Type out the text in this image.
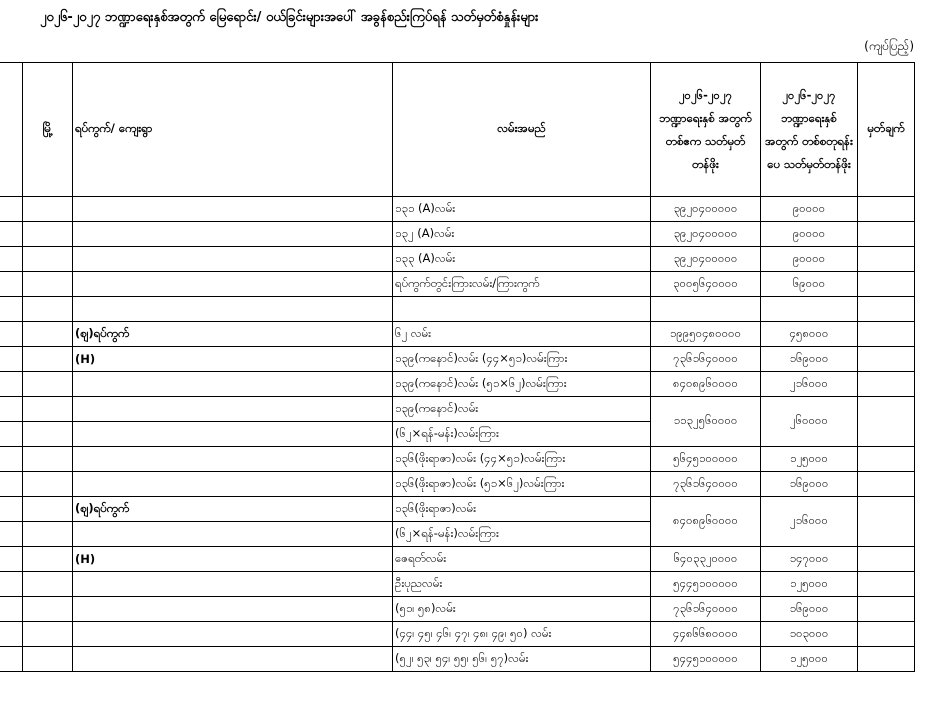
၂၀၂၆-၂၀၂၇ ဘဏ္ဍာရေးနှစ်အတွက် မြေရောင်း/ ဝယ်ခြင်းများအပေါ် အခွန်စည်းကြပ်ရန် သတ်မှတ်စံနှုန်းများ
(ကျပ်ပြည့်)
	မြို့	ရပ်ကွက်/ ကျေးရွာ	လမ်းအမည်	၂၀၂၆-၂၀၂၇ ဘဏ္ဍာရေးနှစ် အတွက် တစ်ဧက သတ်မှတ်တန်ဖိုး	၂၀၂၆-၂၀၂၇ ဘဏ္ဍာရေးနှစ် အတွက် တစ်စတုရန်းပေ သတ်မှတ်တန်ဖိုး	မှတ်ချက်
			၁၃၁ (A)လမ်း	၃၉၂၀၄၀၀၀၀၀	၉၀၀၀၀	
			၁၃၂ (A)လမ်း	၃၉၂၀၄၀၀၀၀၀	၉၀၀၀၀	
			၁၃၃ (A)လမ်း	၃၉၂၀၄၀၀၀၀၀	၉၀၀၀၀	
			ရပ်ကွက်တွင်းကြားလမ်း/ကြားကွက်	၃၀၀၅၆၄၀၀၀၀	၆၉၀၀၀	

		(ဈ)ရပ်ကွက်	၆၂ လမ်း	၁၉၉၅၀၄၈၀၀၀၀	၄၅၈၀၀၀	
		(H)	၁၃၉(ကနောင်)လမ်း (၄၄×၅၁)လမ်းကြား	၇၃၆၁၆၄၀၀၀၀	၁၆၉၀၀၀	
			၁၃၉(ကနောင်)လမ်း (၅၁×၆၂)လမ်းကြား	၈၄၀၈၉၆၀၀၀၀	၂၁၆၀၀၀	
			၁၃၉(ကနောင်)လမ်း	၁၁၃၂၅၆၀၀၀၀	၂၆၀၀၀၀	
			(၆၂×ရန်-မန်း)လမ်းကြား			
			၁၃၆(ဖိုးရာဇာ)လမ်း (၄၄×၅၁)လမ်းကြား	၅၆၄၅၁၀၀၀၀၀	၁၂၅၀၀၀	
			၁၃၆(ဖိုးရာဇာ)လမ်း (၅၁×၆၂)လမ်းကြား	၇၃၆၁၆၄၀၀၀၀	၁၆၉၀၀၀	
		(ဈ)ရပ်ကွက်	၁၃၆(ဖိုးရာဇာ)လမ်း	၈၄၀၈၉၆၀၀၀၀	၂၁၆၀၀၀	
			(၆၂×ရန်-မန်း)လမ်းကြား			
		(H)	ဇေရတ်လမ်း	၆၄၀၃၃၂၀၀၀၀	၁၄၇၀၀၀	
			ဦးပုညလမ်း	၅၄၄၅၁၀၀၀၀၀	၁၂၅၀၀၀	
			(၅၁၊ ၅၈)လမ်း	၇၃၆၁၆၄၀၀၀၀	၁၆၉၀၀၀	
			(၄၄၊ ၄၅၊ ၄၆၊ ၄၇၊ ၄၈၊ ၄၉၊ ၅၀) လမ်း	၄၄၈၆၆၈၀၀၀၀	၁၀၃၀၀၀	
			(၅၂၊ ၅၃၊ ၅၄၊ ၅၅၊ ၅၆၊ ၅၇)လမ်း	၅၄၄၅၁၀၀၀၀၀	၁၂၅၀၀၀	
